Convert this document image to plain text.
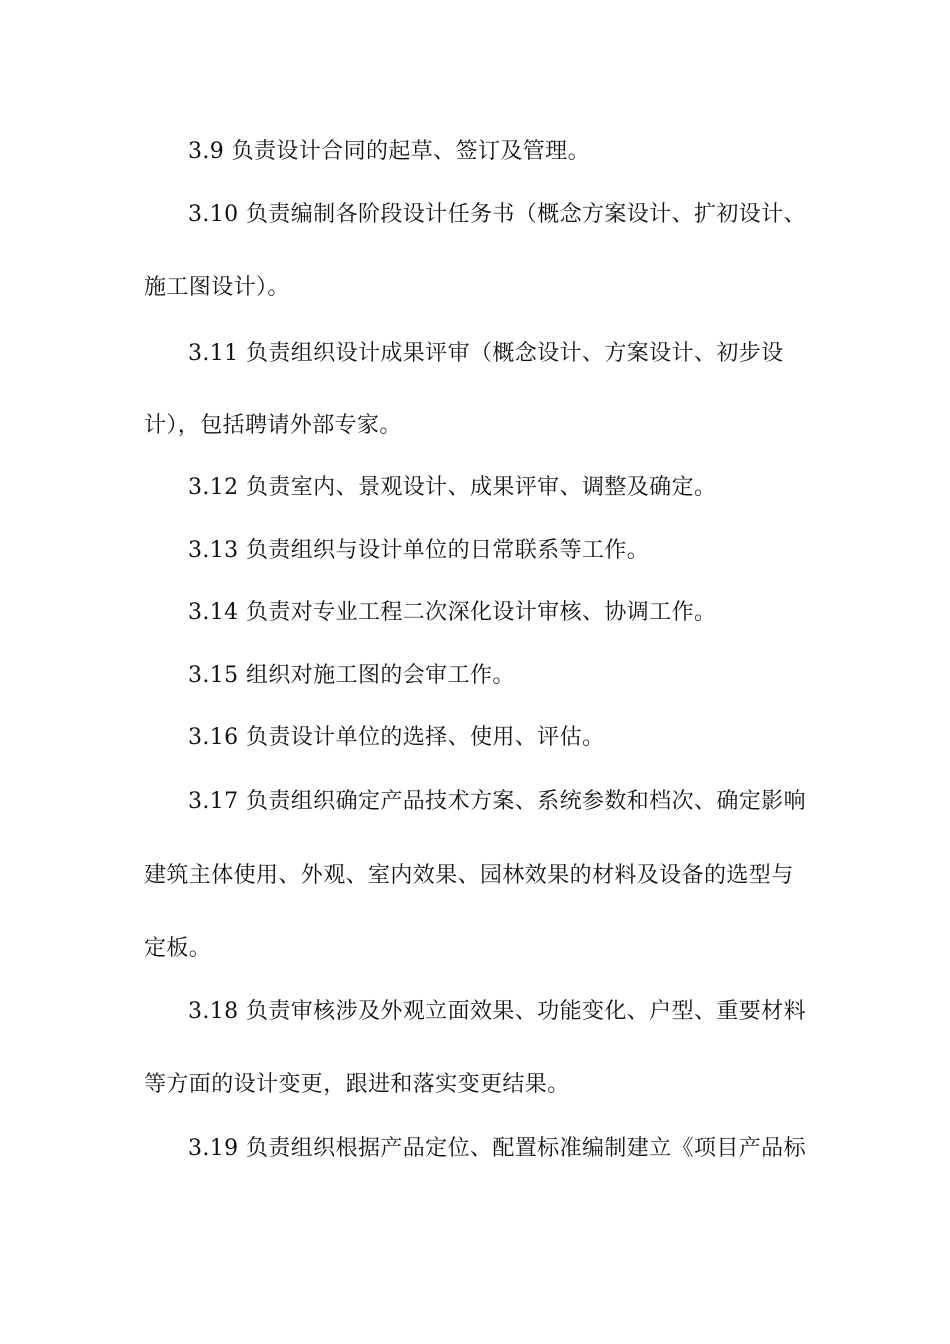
3.9 负责设计合同的起草、签订及管理。
3.10 负责编制各阶段设计任务书（概念方案设计、扩初设计、
施工图设计）。
3.11 负责组织设计成果评审（概念设计、方案设计、初步设
计），包括聘请外部专家。
3.12 负责室内、景观设计、成果评审、调整及确定。
3.13 负责组织与设计单位的日常联系等工作。
3.14 负责对专业工程二次深化设计审核、协调工作。
3.15 组织对施工图的会审工作。
3.16 负责设计单位的选择、使用、评估。
3.17 负责组织确定产品技术方案、系统参数和档次、确定影响
建筑主体使用、外观、室内效果、园林效果的材料及设备的选型与
定板。
3.18 负责审核涉及外观立面效果、功能变化、户型、重要材料
等方面的设计变更，跟进和落实变更结果。
3.19 负责组织根据产品定位、配置标准编制建立《项目产品标
